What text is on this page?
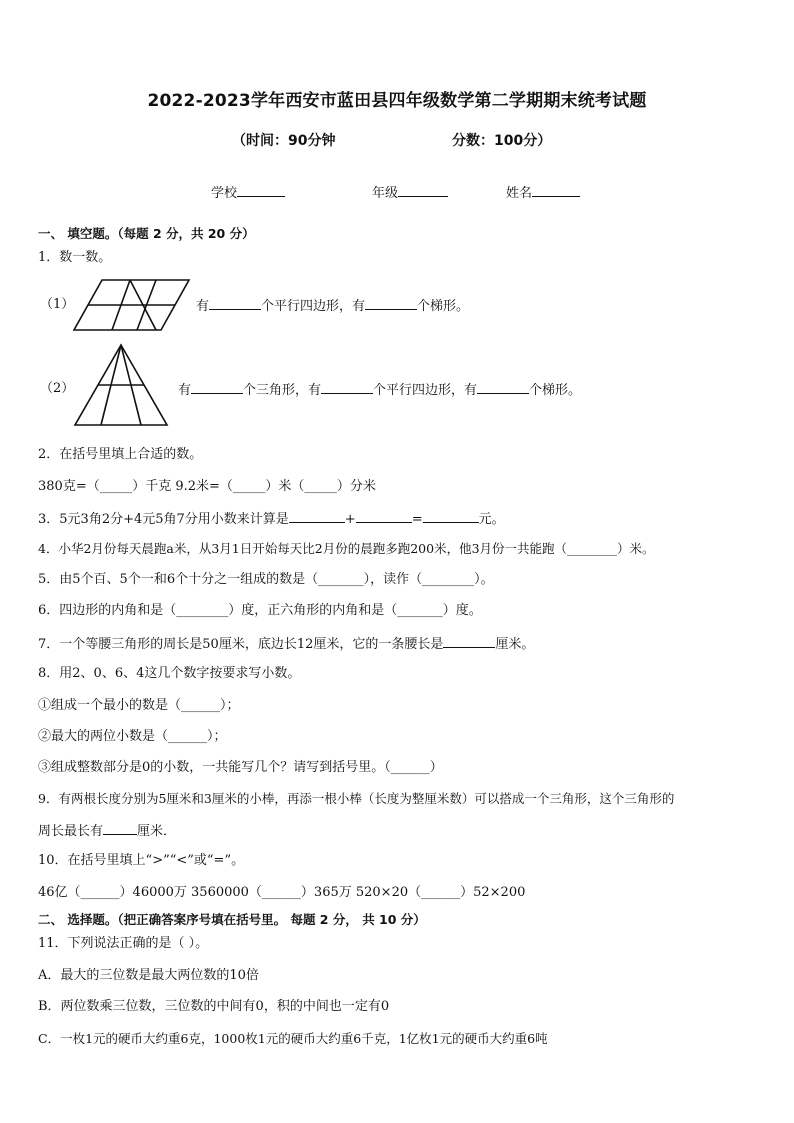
2022-2023学年西安市蓝田县四年级数学第二学期期末统考试题
（时间：90分钟	分数：100分）
学校	年级	姓名
一、 填空题。（每题 2 分，共 20 分）
1．数一数。
（1）	有	个平行四边形，有	个梯形。
（2）	有	个三角形，有	个平行四边形，有	个梯形。
2．在括号里填上合适的数。
380克=（_____）千克 9.2米=（_____）米（_____）分米
3．5元3角2分+4元5角7分用小数来计算是	+	=	元。
4．小华2月份每天晨跑a米，从3月1日开始每天比2月份的晨跑多跑200米，他3月份一共能跑（________）米。
5．由5个百、5个一和6个十分之一组成的数是（_______），读作（________）。
6．四边形的内角和是（________）度，正六角形的内角和是（_______）度。
7．一个等腰三角形的周长是50厘米，底边长12厘米，它的一条腰长是	厘米。
8．用2、0、6、4这几个数字按要求写小数。
①组成一个最小的数是（______）；
②最大的两位小数是（______）；
③组成整数部分是0的小数，一共能写几个？请写到括号里。（______）
9．有两根长度分别为5厘米和3厘米的小棒，再添一根小棒（长度为整厘米数）可以搭成一个三角形，这个三角形的
周长最长有	厘米．
10．在括号里填上“>”“<”或“=”。
46亿（______）46000万 3560000（______）365万 520×20（______）52×200
二、 选择题。（把正确答案序号填在括号里。 每题 2 分， 共 10 分）
11．下列说法正确的是（ ）。
A．最大的三位数是最大两位数的10倍
B．两位数乘三位数，三位数的中间有0，积的中间也一定有0
C．一枚1元的硬币大约重6克，1000枚1元的硬币大约重6千克，1亿枚1元的硬币大约重6吨
